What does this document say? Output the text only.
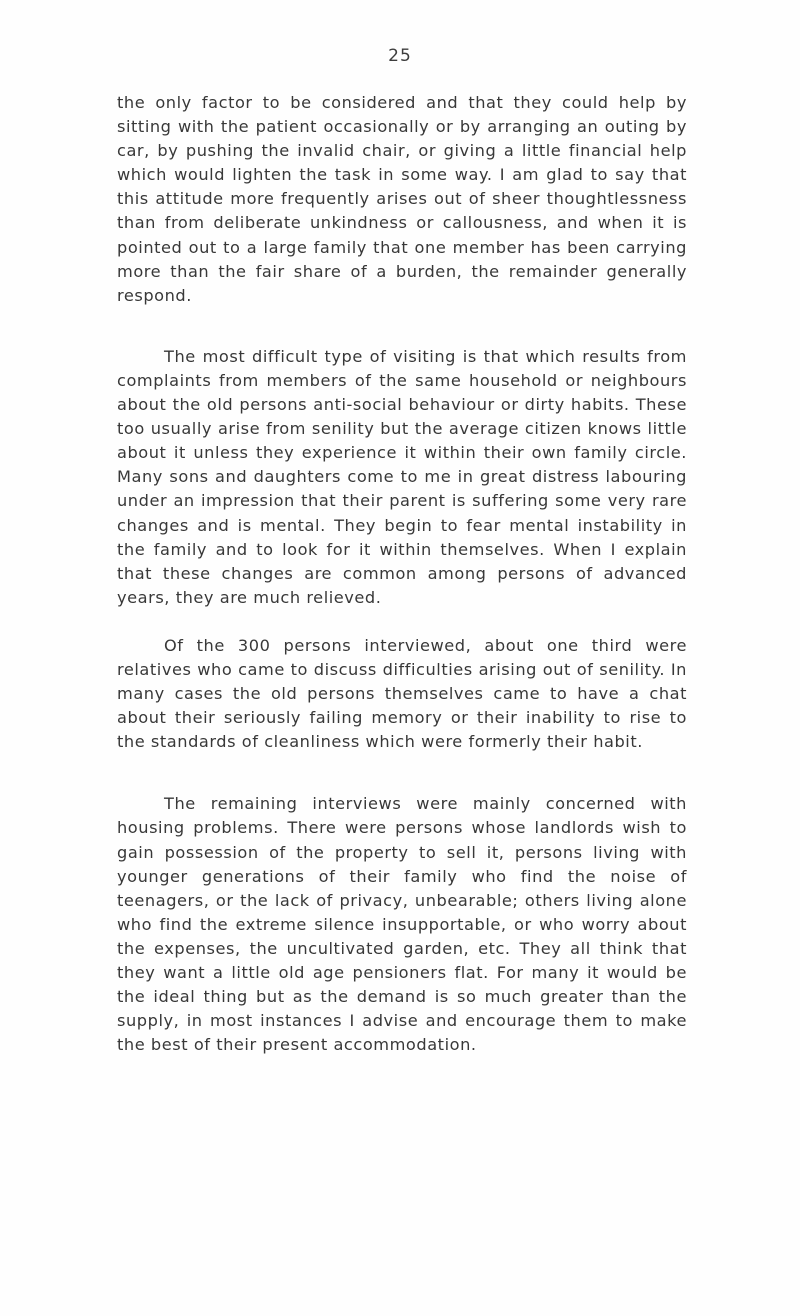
25

the only factor to be considered and that they could help by sitting with the patient occasionally or by arranging an outing by car, by pushing the invalid chair, or giving a little financial help which would lighten the task in some way. I am glad to say that this attitude more frequently arises out of sheer thoughtlessness than from deliberate unkindness or callousness, and when it is pointed out to a large family that one member has been carrying more than the fair share of a burden, the remainder generally respond.

The most difficult type of visiting is that which results from complaints from members of the same household or neighbours about the old persons anti-social behaviour or dirty habits. These too usually arise from senility but the average citizen knows little about it unless they experience it within their own family circle. Many sons and daughters come to me in great distress labouring under an impression that their parent is suffering some very rare changes and is mental. They begin to fear mental instability in the family and to look for it within themselves. When I explain that these changes are common among persons of advanced years, they are much relieved.

Of the 300 persons interviewed, about one third were relatives who came to discuss difficulties arising out of senility. In many cases the old persons themselves came to have a chat about their seriously failing memory or their inability to rise to the standards of cleanliness which were formerly their habit.

The remaining interviews were mainly concerned with housing problems. There were persons whose landlords wish to gain possession of the property to sell it, persons living with younger generations of their family who find the noise of teenagers, or the lack of privacy, unbearable; others living alone who find the extreme silence insupportable, or who worry about the expenses, the uncultivated garden, etc. They all think that they want a little old age pensioners flat. For many it would be the ideal thing but as the demand is so much greater than the supply, in most instances I advise and encourage them to make the best of their present accommodation.
